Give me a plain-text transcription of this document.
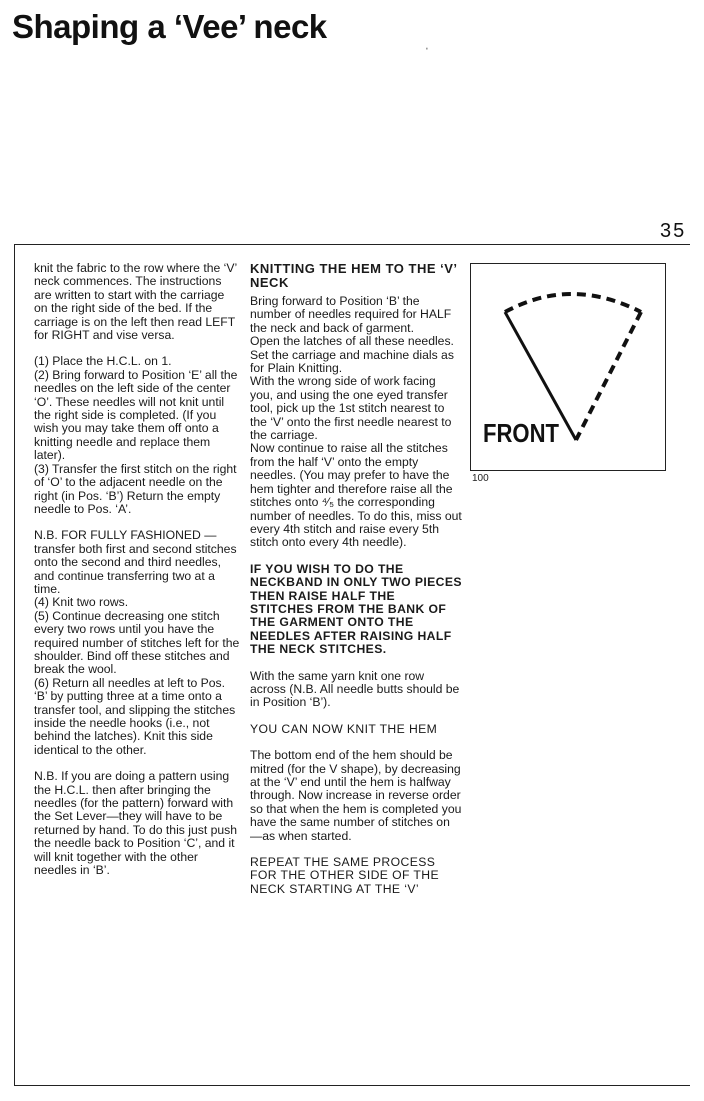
Shaping a ‘Vee’ neck
·
35

knit the fabric to the row where the ‘V’ neck commences. The instructions are written to start with the carriage on the right side of the bed. If the carriage is on the left then read LEFT for RIGHT and vise versa.

(1) Place the H.C.L. on 1.
(2) Bring forward to Position ‘E’ all the needles on the left side of the center ‘O’. These needles will not knit until the right side is completed. (If you wish you may take them off onto a knitting needle and replace them later).
(3) Transfer the first stitch on the right of ‘O’ to the adjacent needle on the right (in Pos. ‘B’) Return the empty needle to Pos. ‘A’.

N.B. FOR FULLY FASHIONED —transfer both first and second stitches onto the second and third needles, and continue transferring two at a time.
(4) Knit two rows.
(5) Continue decreasing one stitch every two rows until you have the required number of stitches left for the shoulder. Bind off these stitches and break the wool.
(6) Return all needles at left to Pos. ‘B’ by putting three at a time onto a transfer tool, and slipping the stitches inside the needle hooks (i.e., not behind the latches). Knit this side identical to the other.

N.B. If you are doing a pattern using the H.C.L. then after bringing the needles (for the pattern) forward with the Set Lever—they will have to be returned by hand. To do this just push the needle back to Position ‘C’, and it will knit together with the other needles in ‘B’.

KNITTING THE HEM TO THE ‘V’ NECK

Bring forward to Position ‘B’ the number of needles required for HALF the neck and back of garment.
Open the latches of all these needles.
Set the carriage and machine dials as for Plain Knitting.
With the wrong side of work facing you, and using the one eyed transfer tool, pick up the 1st stitch nearest to the ‘V’ onto the first needle nearest to the carriage.
Now continue to raise all the stitches from the half ‘V’ onto the empty needles. (You may prefer to have the hem tighter and therefore raise all the stitches onto ⁴⁄₅ the corresponding number of needles. To do this, miss out every 4th stitch and raise every 5th stitch onto every 4th needle).

IF YOU WISH TO DO THE NECKBAND IN ONLY TWO PIECES THEN RAISE HALF THE STITCHES FROM THE BANK OF THE GARMENT ONTO THE NEEDLES AFTER RAISING HALF THE NECK STITCHES.

With the same yarn knit one row across (N.B. All needle butts should be in Position ‘B’).

YOU CAN NOW KNIT THE HEM

The bottom end of the hem should be mitred (for the V shape), by decreasing at the ‘V’ end until the hem is halfway through. Now increase in reverse order so that when the hem is completed you have the same number of stitches on —as when started.

REPEAT THE SAME PROCESS FOR THE OTHER SIDE OF THE NECK STARTING AT THE ‘V’

FRONT
100
